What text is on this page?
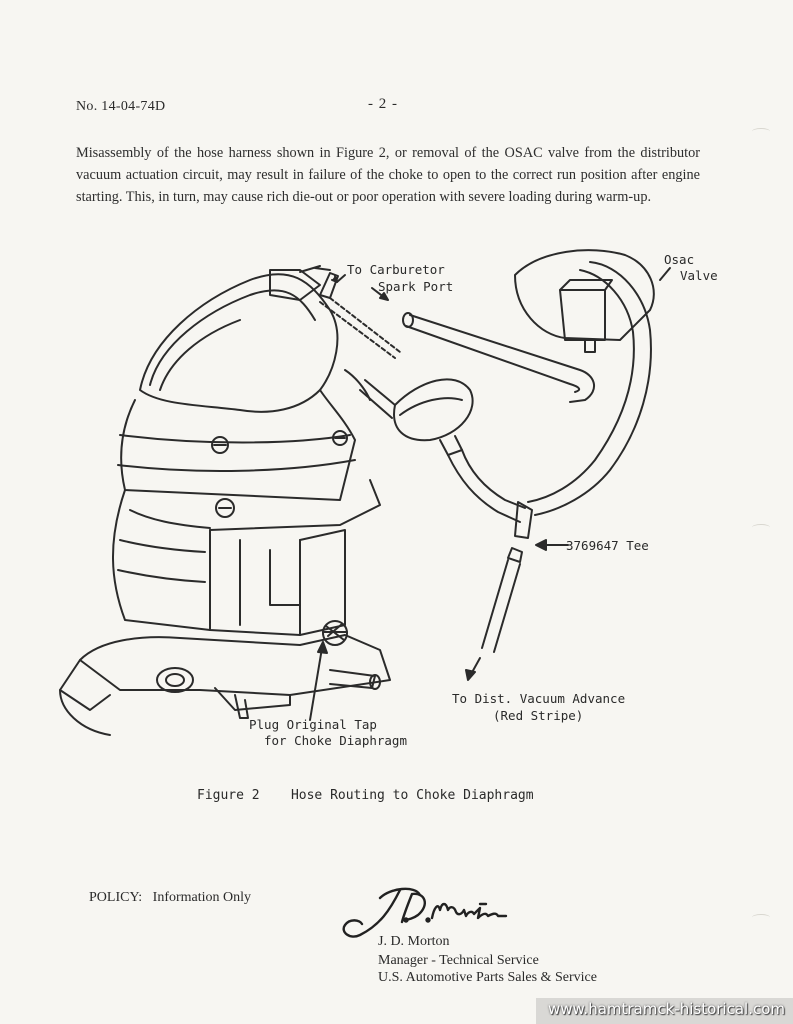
No. 14-04-74D	- 2 -

Misassembly of the hose harness shown in Figure 2, or removal of the OSAC valve from the distributor vacuum actuation circuit, may result in failure of the choke to open to the correct run position after engine starting. This, in turn, may cause rich die-out or poor operation with severe loading during warm-up.

To Carburetor
Spark Port
Osac
Valve
3769647 Tee
To Dist. Vacuum Advance
(Red Stripe)
Plug Original Tap
for Choke Diaphragm
Figure 2 Hose Routing to Choke Diaphragm
POLICY: Information Only
J. D. Morton
Manager - Technical Service
U.S. Automotive Parts Sales & Service
www.hamtramck-historical.com
